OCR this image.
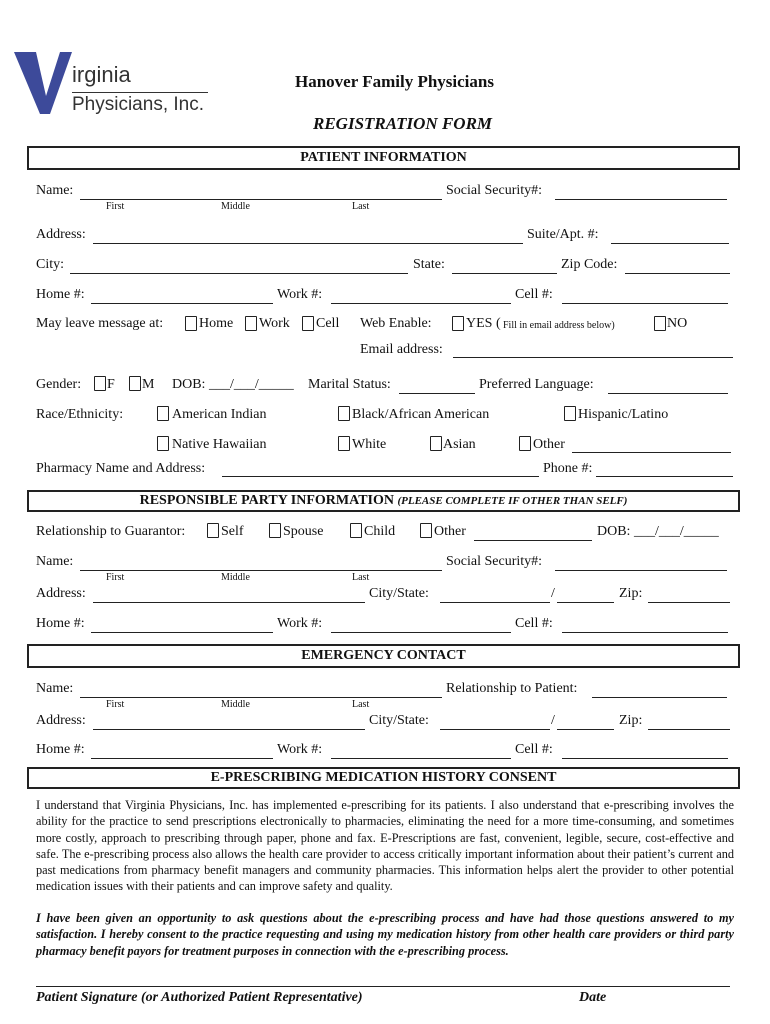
irginia
Physicians, Inc.
Hanover Family Physicians
REGISTRATION FORM
PATIENT INFORMATION
Name:
First	Middle	Last
Social Security#:
Address:	Suite/Apt. #:
City:	State:	Zip Code:
Home #:	Work #:	Cell #:
May leave message at:	Home Work Cell Web Enable: YES ( Fill in email address below)	NO
Email address:
Gender: F M DOB: ___/___/_____ Marital Status:	Preferred Language:
Race/Ethnicity:	American Indian	Black/African American	Hispanic/Latino
Native Hawaiian	White	Asian	Other
Pharmacy Name and Address:	Phone #:
RESPONSIBLE PARTY INFORMATION (PLEASE COMPLETE IF OTHER THAN SELF)
Relationship to Guarantor:	Self	Spouse	Child	Other	DOB: ___/___/_____
Name:
First	Middle	Last
Social Security#:
Address:	City/State:	/	Zip:
Home #:	Work #:	Cell #:
EMERGENCY CONTACT
Name:
First	Middle	Last
Relationship to Patient:
Address:	City/State:	/	Zip:
Home #:	Work #:	Cell #:
E-PRESCRIBING MEDICATION HISTORY CONSENT
I understand that Virginia Physicians, Inc. has implemented e-prescribing for its patients. I also understand that e-prescribing involves the ability for the practice to send prescriptions electronically to pharmacies, eliminating the need for a more time-consuming, and sometimes more costly, approach to prescribing through paper, phone and fax. E-Prescriptions are fast, convenient, legible, secure, cost-effective and safe. The e-prescribing process also allows the health care provider to access critically important information about their patient’s current and past medications from pharmacy benefit managers and community pharmacies. This information helps alert the provider to other potential medication issues with their patients and can improve safety and quality.
I have been given an opportunity to ask questions about the e-prescribing process and have had those questions answered to my satisfaction. I hereby consent to the practice requesting and using my medication history from other health care providers or third party pharmacy benefit payors for treatment purposes in connection with the e-prescribing process.
Patient Signature (or Authorized Patient Representative)	Date
